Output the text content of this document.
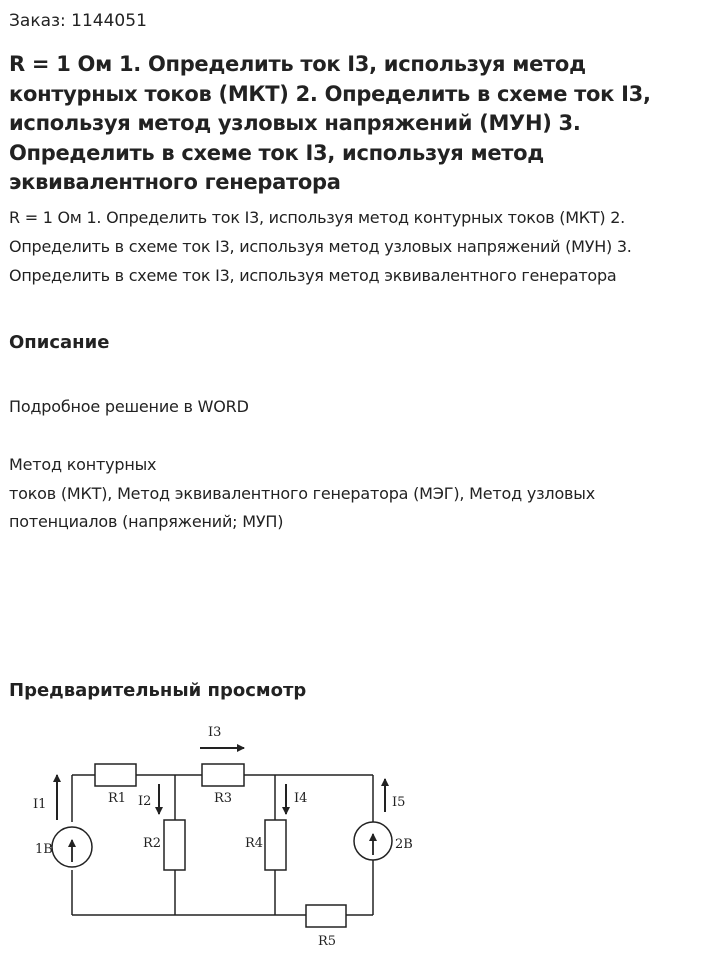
Заказ: 1144051
R = 1 Ом 1. Определить ток I3, используя метод контурных токов (МКТ) 2. Определить в схеме ток I3, используя метод узловых напряжений (МУН) 3. Определить в схеме ток I3, используя метод эквивалентного генератора

R = 1 Ом 1. Определить ток I3, используя метод контурных токов (МКТ) 2. Определить в схеме ток I3, используя метод узловых напряжений (МУН) 3. Определить в схеме ток I3, используя метод эквивалентного генератора

Описание

Подробное решение в WORD

Метод контурных

токов (МКТ), Метод эквивалентного генератора (МЭГ), Метод узловых потенциалов (напряжений; МУП)

Предварительный просмотр
I1	I2
I3
I4	I5
R1	R3
R2	R4
R5
1В	2В
